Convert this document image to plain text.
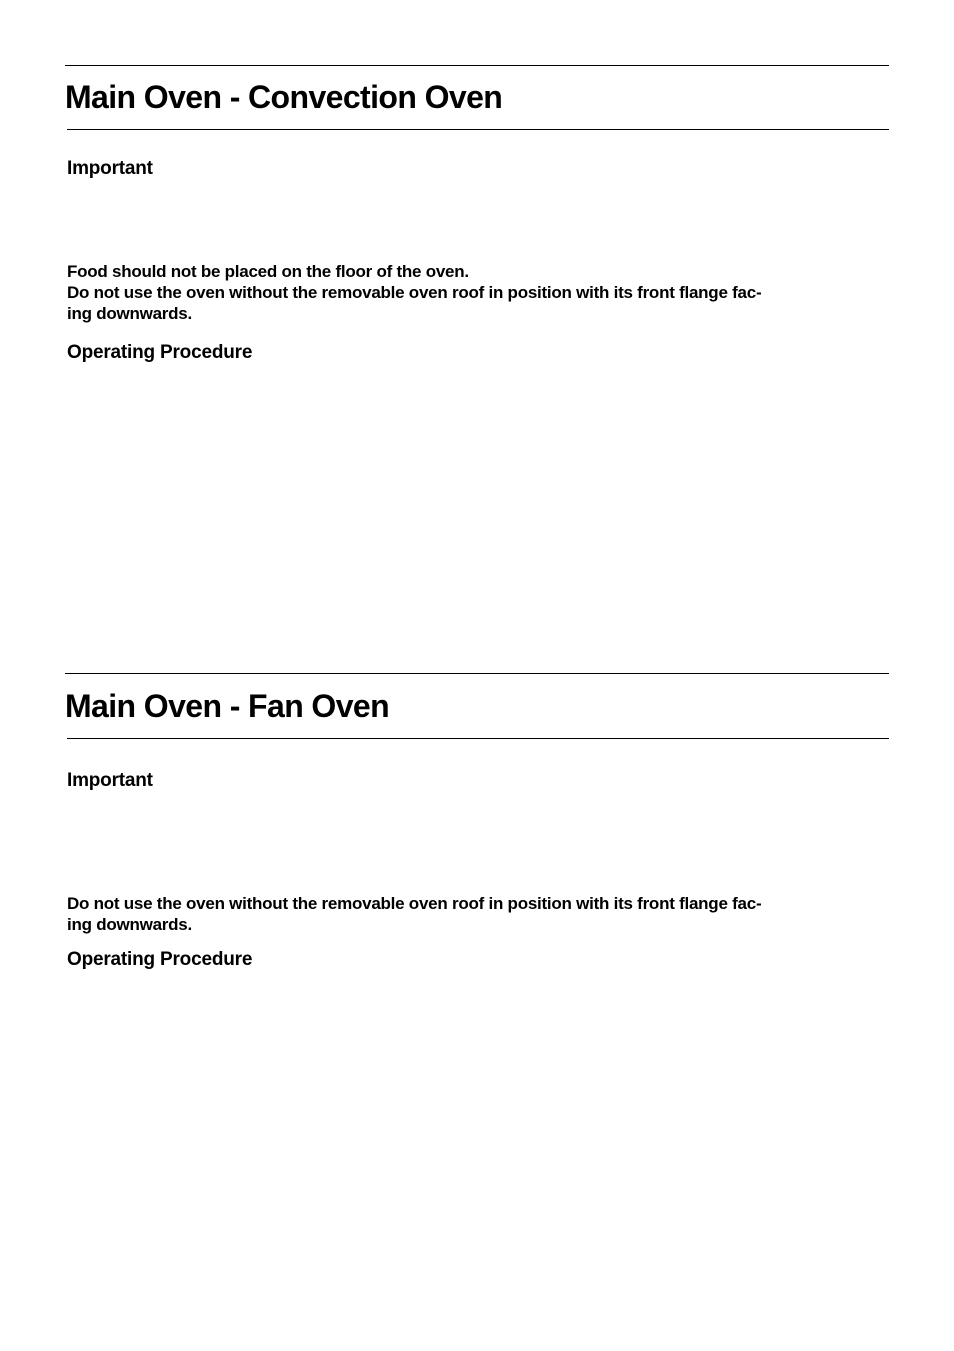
Main Oven - Convection Oven
Important
Food should not be placed on the floor of the oven.
Do not use the oven without the removable oven roof in position with its front flange fac-
ing downwards.
Operating Procedure
Main Oven - Fan Oven
Important
Do not use the oven without the removable oven roof in position with its front flange fac-
ing downwards.
Operating Procedure
